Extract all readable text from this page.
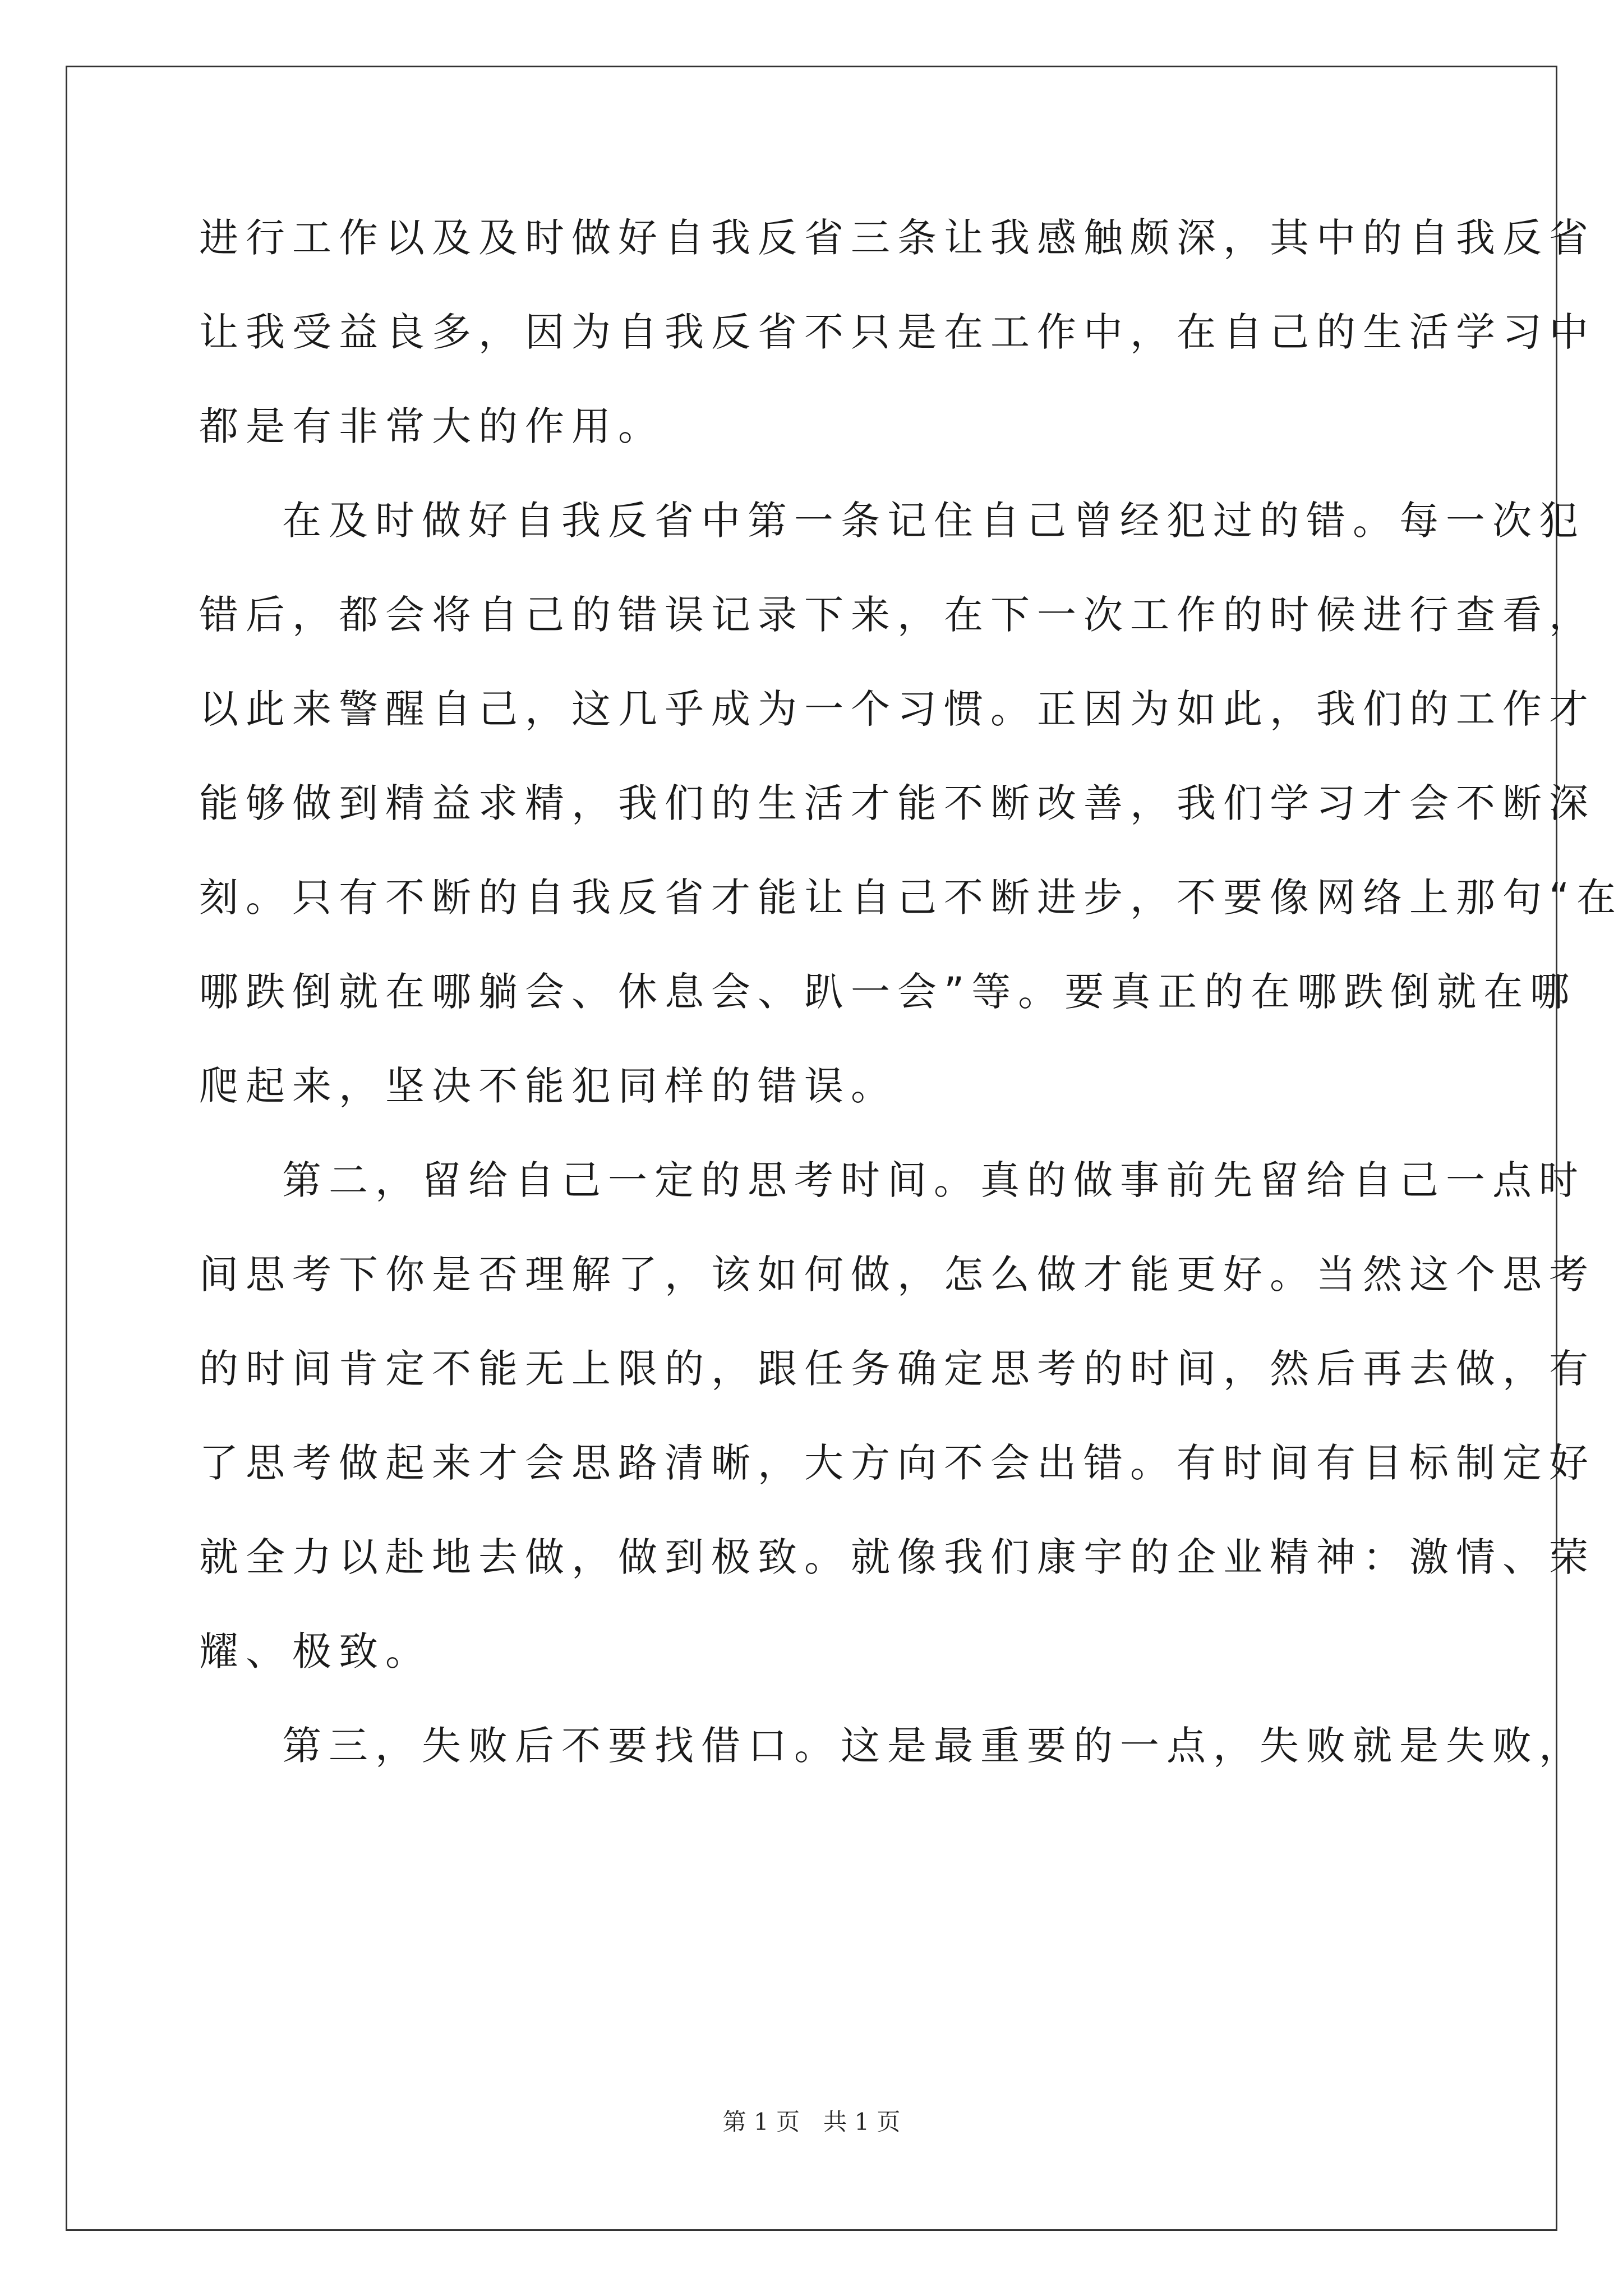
进行工作以及及时做好自我反省三条让我感触颇深，其中的自我反省
让我受益良多，因为自我反省不只是在工作中，在自己的生活学习中
都是有非常大的作用。
在及时做好自我反省中第一条记住自己曾经犯过的错。每一次犯
错后，都会将自己的错误记录下来，在下一次工作的时候进行查看，
以此来警醒自己，这几乎成为一个习惯。正因为如此，我们的工作才
能够做到精益求精，我们的生活才能不断改善，我们学习才会不断深
刻。只有不断的自我反省才能让自己不断进步，不要像网络上那句“在
哪跌倒就在哪躺会、休息会、趴一会”等。要真正的在哪跌倒就在哪
爬起来，坚决不能犯同样的错误。
第二，留给自己一定的思考时间。真的做事前先留给自己一点时
间思考下你是否理解了，该如何做，怎么做才能更好。当然这个思考
的时间肯定不能无上限的，跟任务确定思考的时间，然后再去做，有
了思考做起来才会思路清晰，大方向不会出错。有时间有目标制定好
就全力以赴地去做，做到极致。就像我们康宇的企业精神：激情、荣
耀、极致。
第三，失败后不要找借口。这是最重要的一点，失败就是失败，
第 1 页　共 1 页
